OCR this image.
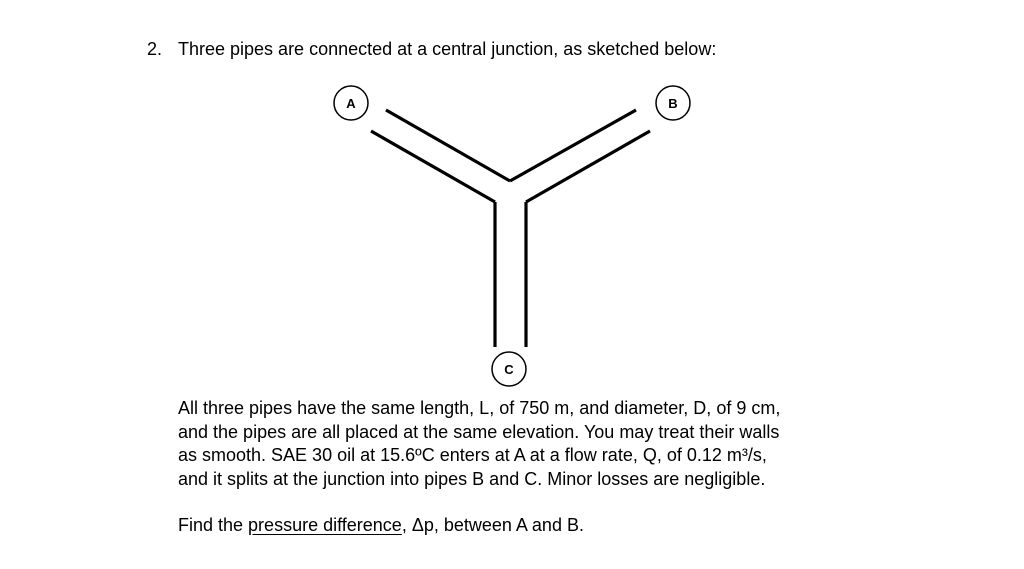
2. Three pipes are connected at a central junction, as sketched below:
A	B
C

All three pipes have the same length, L, of 750 m, and diameter, D, of 9 cm,

and the pipes are all placed at the same elevation. You may treat their walls

as smooth. SAE 30 oil at 15.6ºC enters at A at a flow rate, Q, of 0.12 m³/s,

and it splits at the junction into pipes B and C. Minor losses are negligible.

Find the pressure difference, Δp, between A and B.
